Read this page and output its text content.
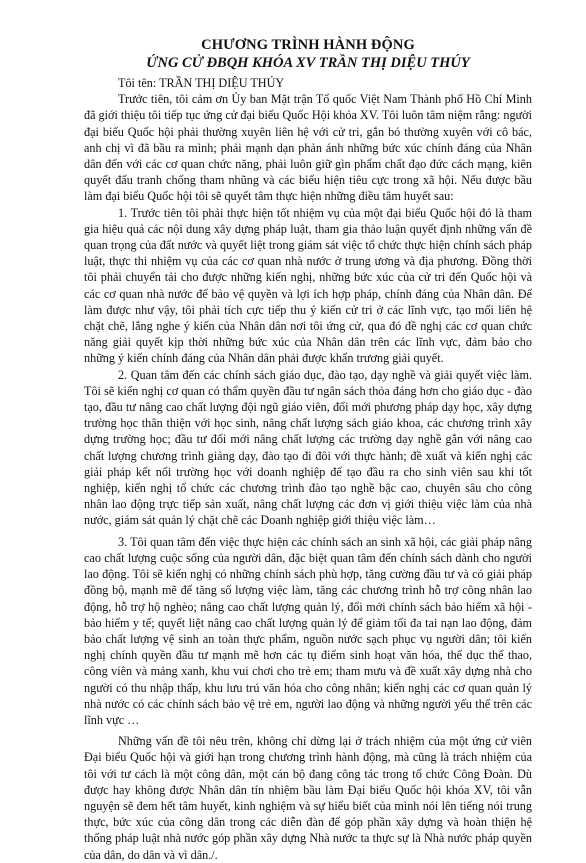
CHƯƠNG TRÌNH HÀNH ĐỘNG
ỨNG CỬ ĐBQH KHÓA XV TRẦN THỊ DIỆU THÚY

Tôi tên: TRẦN THỊ DIỆU THÚY

Trước tiên, tôi cảm ơn Ủy ban Mặt trận Tổ quốc Việt Nam Thành phố Hồ Chí Minh đã giới thiệu tôi tiếp tục ứng cử đại biểu Quốc Hội khóa XV. Tôi luôn tâm niệm rằng: người đại biểu Quốc hội phải thường xuyên liên hệ với cử tri, gắn bó thường xuyên với cô bác, anh chị vì đã bầu ra mình; phải mạnh dạn phản ánh những bức xúc chính đáng của Nhân dân đến với các cơ quan chức năng, phải luôn giữ gìn phẩm chất đạo đức cách mạng, kiên quyết đấu tranh chống tham nhũng và các biểu hiện tiêu cực trong xã hội. Nếu được bầu làm đại biểu Quốc hội tôi sẽ quyết tâm thực hiện những điều tâm huyết sau:

1. Trước tiên tôi phải thực hiện tốt nhiệm vụ của một đại biểu Quốc hội đó là tham gia hiệu quả các nội dung xây dựng pháp luật, tham gia thảo luận quyết định những vấn đề quan trọng của đất nước và quyết liệt trong giám sát việc tổ chức thực hiện chính sách pháp luật, thực thi nhiệm vụ của các cơ quan nhà nước ở trung ương và địa phương. Đồng thời tôi phải chuyển tải cho được những kiến nghị, những bức xúc của cử tri đến Quốc hội và các cơ quan nhà nước để bảo vệ quyền và lợi ích hợp pháp, chính đáng của Nhân dân. Để làm được như vậy, tôi phải tích cực tiếp thu ý kiến cử tri ở các lĩnh vực, tạo mối liên hệ chặt chẽ, lắng nghe ý kiến của Nhân dân nơi tôi ứng cử, qua đó đề nghị các cơ quan chức năng giải quyết kịp thời những bức xúc của Nhân dân trên các lĩnh vực, đảm bảo cho những ý kiến chính đáng của Nhân dân phải được khẩn trương giải quyết.

2. Quan tâm đến các chính sách giáo dục, đào tạo, dạy nghề và giải quyết việc làm. Tôi sẽ kiến nghị cơ quan có thẩm quyền đầu tư ngân sách thỏa đáng hơn cho giáo dục - đào tạo, đầu tư nâng cao chất lượng đội ngũ giáo viên, đổi mới phương pháp dạy học, xây dựng trường học thân thiện với học sinh, nâng chất lượng sách giáo khoa, các chương trình xây dựng trường học; đầu tư đổi mới nâng chất lượng các trường dạy nghề gắn với nâng cao chất lượng chương trình giảng dạy, đào tạo đi đôi với thực hành; đề xuất và kiến nghị các giải pháp kết nối trường học với doanh nghiệp để tạo đầu ra cho sinh viên sau khi tốt nghiệp, kiến nghị tổ chức các chương trình đào tạo nghề bậc cao, chuyên sâu cho công nhân lao động trực tiếp sản xuất, nâng chất lượng các đơn vị giới thiệu việc làm của nhà nước, giám sát quản lý chặt chẽ các Doanh nghiệp giới thiệu việc làm…

3. Tôi quan tâm đến việc thực hiện các chính sách an sinh xã hội, các giải pháp nâng cao chất lượng cuộc sống của người dân, đặc biệt quan tâm đến chính sách dành cho người lao động. Tôi sẽ kiến nghị có những chính sách phù hợp, tăng cường đầu tư và có giải pháp đồng bộ, mạnh mẽ để tăng số lượng việc làm, tăng các chương trình hỗ trợ công nhân lao động, hỗ trợ hộ nghèo; nâng cao chất lượng quản lý, đổi mới chính sách bảo hiểm xã hội - bảo hiểm y tế; quyết liệt nâng cao chất lượng quản lý để giảm tối đa tai nạn lao động, đảm bảo chất lượng vệ sinh an toàn thực phẩm, nguồn nước sạch phục vụ người dân; tôi kiến nghị chính quyền đầu tư mạnh mẽ hơn các tụ điểm sinh hoạt văn hóa, thể dục thể thao, công viên và mảng xanh, khu vui chơi cho trẻ em; tham mưu và đề xuất xây dựng nhà cho người có thu nhập thấp, khu lưu trú văn hóa cho công nhân; kiến nghị các cơ quan quản lý nhà nước có các chính sách bảo vệ trẻ em, người lao động và những người yếu thế trên các lĩnh vực …

Những vấn đề tôi nêu trên, không chỉ dừng lại ở trách nhiệm của một ứng cử viên Đại biểu Quốc hội và giới hạn trong chương trình hành động, mà cũng là trách nhiệm của tôi với tư cách là một công dân, một cán bộ đang công tác trong tổ chức Công Đoàn. Dù được hay không được Nhân dân tín nhiệm bầu làm Đại biểu Quốc hội khóa XV, tôi vẫn nguyện sẽ đem hết tâm huyết, kinh nghiệm và sự hiểu biết của mình nói lên tiếng nói trung thực, bức xúc của công dân trong các diễn đàn để góp phần xây dựng và hoàn thiện hệ thống pháp luật nhà nước góp phần xây dựng Nhà nước ta thực sự là Nhà nước pháp quyền của dân, do dân và vì dân./.
